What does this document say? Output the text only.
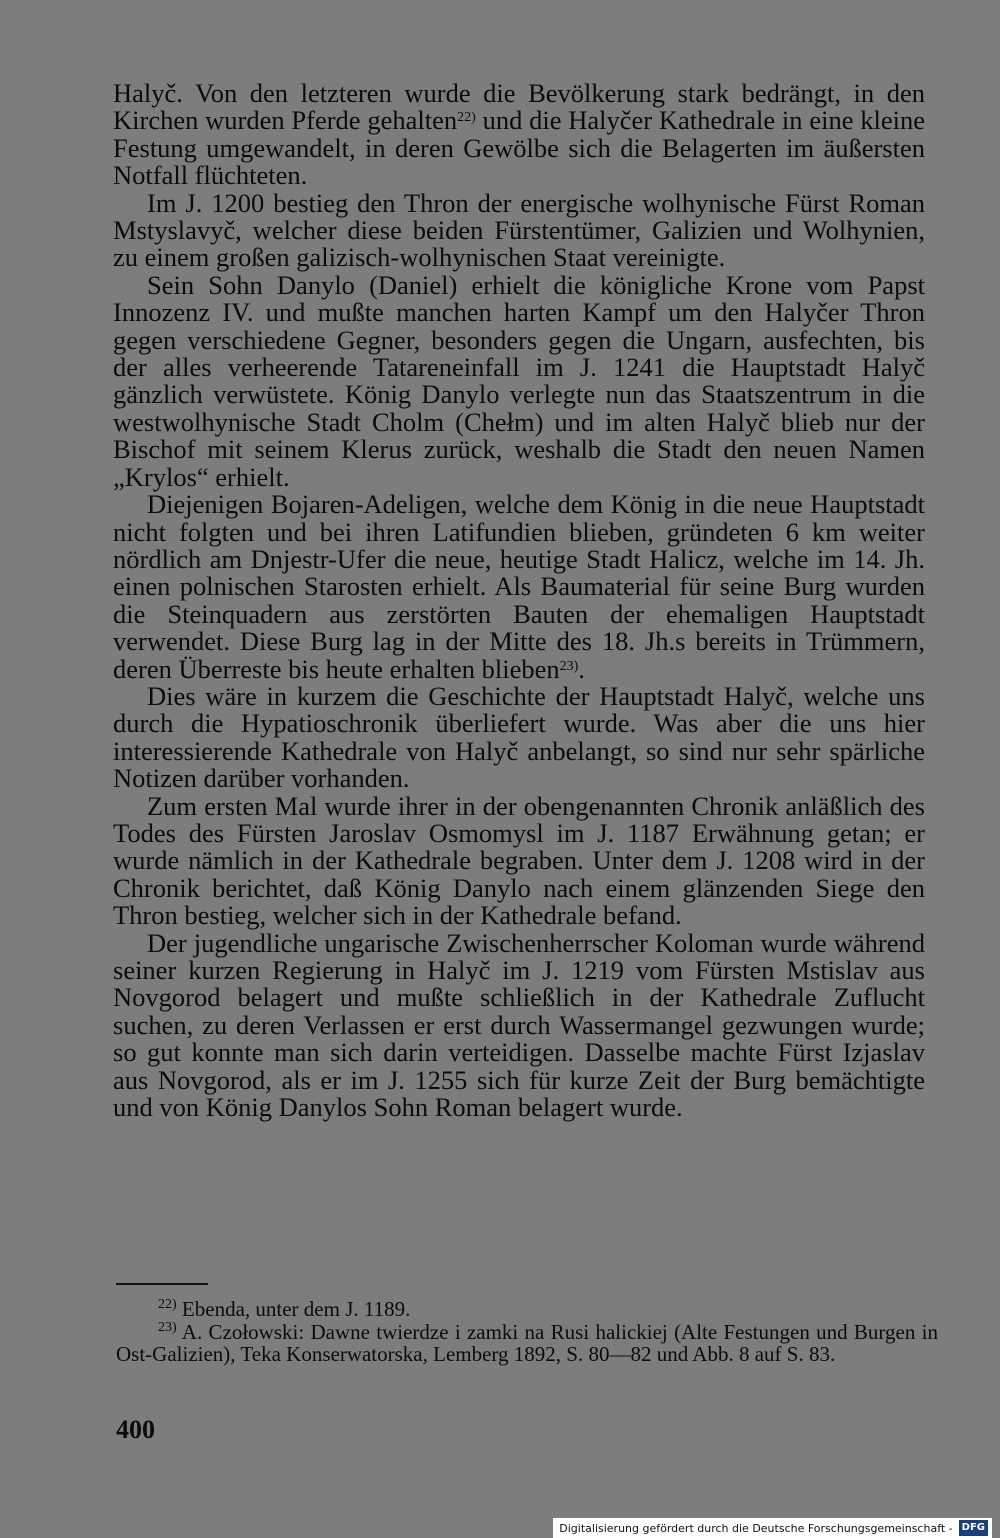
Halyč. Von den letzteren wurde die Bevölkerung stark bedrängt, in den Kirchen wurden Pferde gehalten$^{22)}$ und die Halyčer Kathedrale in eine kleine Festung umgewandelt, in deren Gewölbe sich die Belagerten im äußersten Notfall flüchteten.

Im J. 1200 bestieg den Thron der energische wolhynische Fürst Roman Mstyslavyč, welcher diese beiden Fürstentümer, Galizien und Wolhynien, zu einem großen galizisch-wolhynischen Staat vereinigte.

Sein Sohn Danylo (Daniel) erhielt die königliche Krone vom Papst Innozenz IV. und mußte manchen harten Kampf um den Halyčer Thron gegen verschiedene Gegner, besonders gegen die Ungarn, ausfechten, bis der alles verheerende Tatareneinfall im J. 1241 die Hauptstadt Halyč gänzlich verwüstete. König Danylo verlegte nun das Staatszentrum in die westwolhynische Stadt Cholm (Chełm) und im alten Halyč blieb nur der Bischof mit seinem Klerus zurück, weshalb die Stadt den neuen Namen „Krylos“ erhielt.

Diejenigen Bojaren-Adeligen, welche dem König in die neue Hauptstadt nicht folgten und bei ihren Latifundien blieben, gründeten 6 km weiter nördlich am Dnjestr-Ufer die neue, heutige Stadt Halicz, welche im 14. Jh. einen polnischen Starosten erhielt. Als Baumaterial für seine Burg wurden die Steinquadern aus zerstörten Bauten der ehemaligen Hauptstadt verwendet. Diese Burg lag in der Mitte des 18. Jh.s bereits in Trümmern, deren Überreste bis heute erhalten blieben$^{23)}$.

Dies wäre in kurzem die Geschichte der Hauptstadt Halyč, welche uns durch die Hypatioschronik überliefert wurde. Was aber die uns hier interessierende Kathedrale von Halyč anbelangt, so sind nur sehr spärliche Notizen darüber vorhanden.

Zum ersten Mal wurde ihrer in der obengenannten Chronik anläßlich des Todes des Fürsten Jaroslav Osmomysl im J. 1187 Erwähnung getan; er wurde nämlich in der Kathedrale begraben. Unter dem J. 1208 wird in der Chronik berichtet, daß König Danylo nach einem glänzenden Siege den Thron bestieg, welcher sich in der Kathedrale befand.

Der jugendliche ungarische Zwischenherrscher Koloman wurde während seiner kurzen Regierung in Halyč im J. 1219 vom Fürsten Mstislav aus Novgorod belagert und mußte schließlich in der Kathedrale Zuflucht suchen, zu deren Verlassen er erst durch Wassermangel gezwungen wurde; so gut konnte man sich darin verteidigen. Dasselbe machte Fürst Izjaslav aus Novgorod, als er im J. 1255 sich für kurze Zeit der Burg bemächtigte und von König Danylos Sohn Roman belagert wurde.

$^{22)}$ Ebenda, unter dem J. 1189.

$^{23)}$ A. Czołowski: Dawne twierdze i zamki na Rusi halickiej (Alte Festungen und Burgen in Ost-Galizien), Teka Konserwatorska, Lemberg 1892, S. 80—82 und Abb. 8 auf S. 83.

400
Digitalisierung gefördert durch die Deutsche Forschungsgemeinschaft - DFG
